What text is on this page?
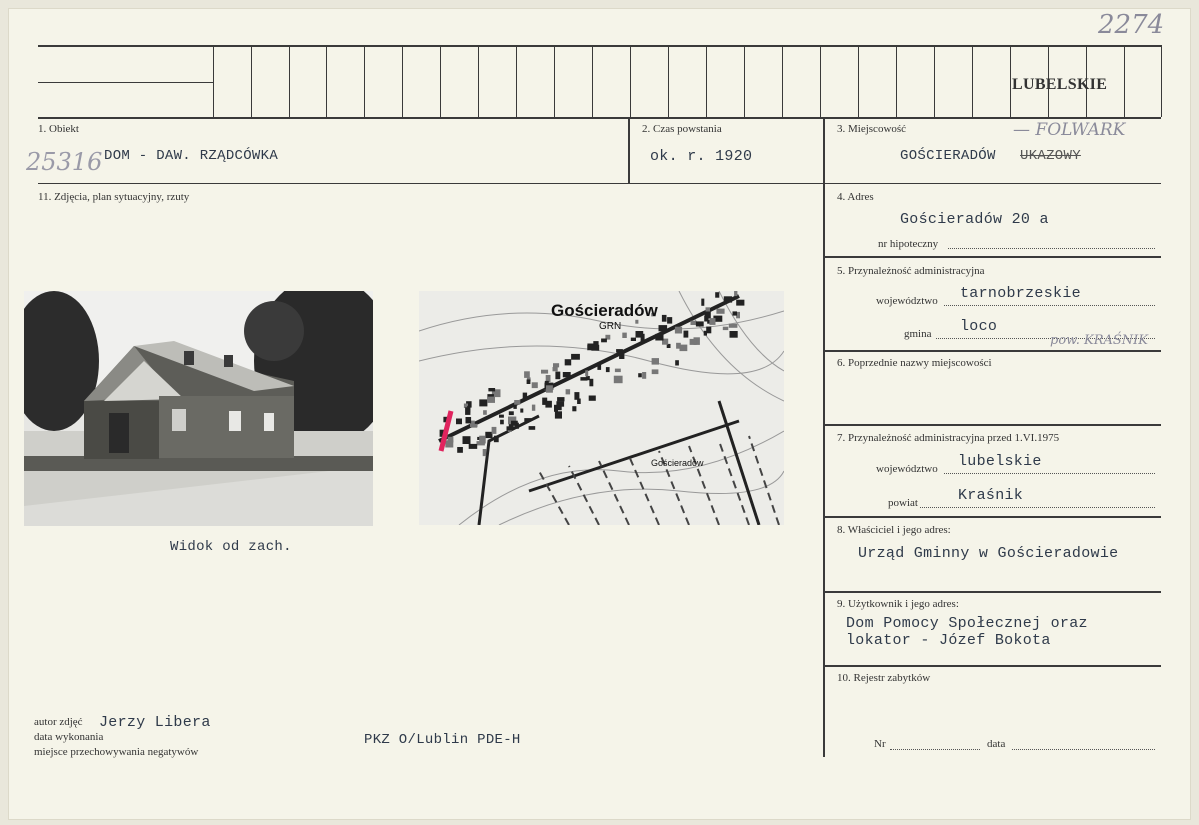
2274
LUBELSKIE
1. Obiekt
25316 DOM - DAW. RZĄDCÓWKA
2. Czas powstania
ok. r. 1920
3. Miejscowość	— FOLWARK
GOŚCIERADÓW UKAZOWY
11. Zdjęcia, plan sytuacyjny, rzuty
Widok od zach.
Gościeradów
GRN
Gościeradów
4. Adres
Gościeradów 20 a
nr hipoteczny
5. Przynależność administracyjna
województwo tarnobrzeskie
gmina loco
pow. KRAŚNIK
6. Poprzednie nazwy miejscowości
7. Przynależność administracyjna przed 1.VI.1975
województwo lubelskie
powiat	Kraśnik
8. Właściciel i jego adres:
Urząd Gminny w Gościeradowie
9. Użytkownik i jego adres:
Dom Pomocy Społecznej oraz
lokator - Józef Bokota
10. Rejestr zabytków
Nr	data
autor zdjęć Jerzy Libera
data wykonania
miejsce przechowywania negatywów
PKZ O/Lublin PDE-H
